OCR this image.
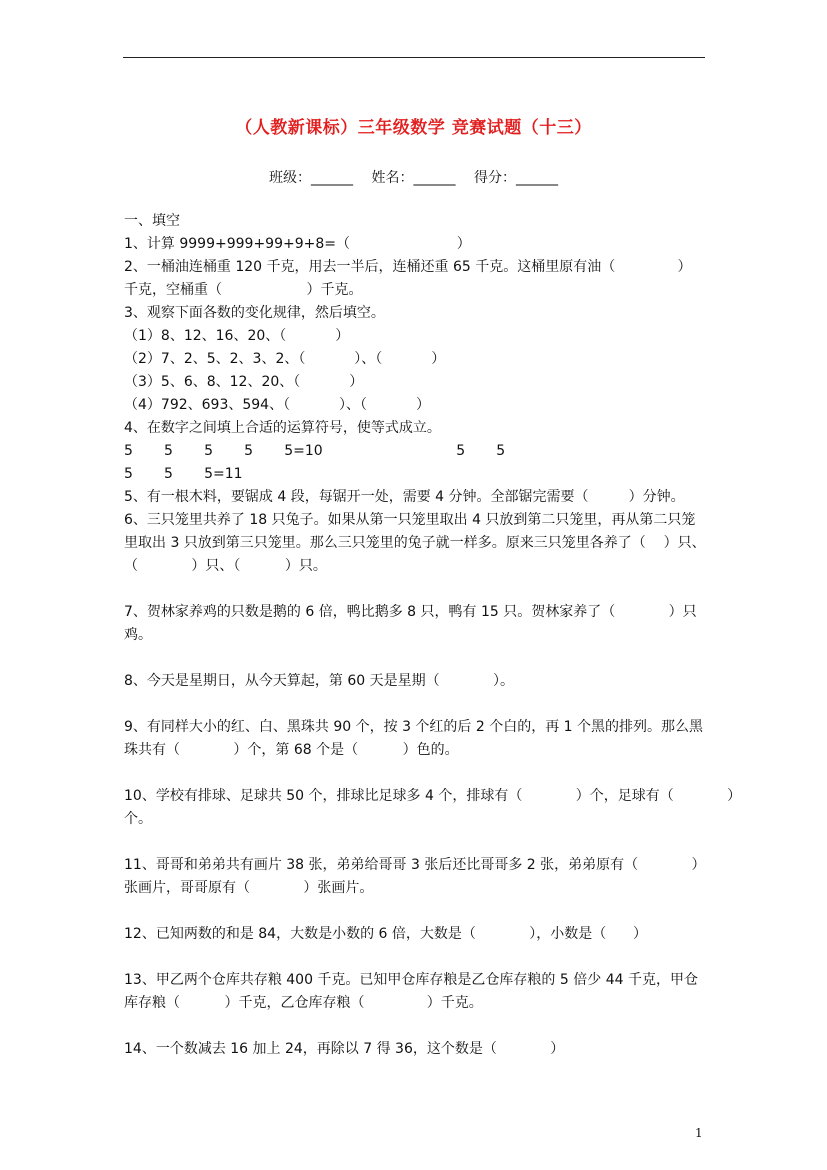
（人教新课标）三年级数学 竞赛试题（十三）
班级：______ 姓名：______ 得分：______
一、填空
1、计算 9999+999+99+9+8=（                        ）
2、一桶油连桶重 120 千克，用去一半后，连桶还重 65 千克。这桶里原有油（              ）
千克，空桶重（                   ）千克。
3、观察下面各数的变化规律，然后填空。
（1）8、12、16、20、（           ）
（2）7、2、5、2、3、2、（           ）、（           ）
（3）5、6、8、12、20、（           ）
（4）792、693、594、（           ）、（           ）
4、在数字之间填上合适的运算符号，使等式成立。
5       5       5       5       5=10                              5       5
5       5       5=11
5、有一根木料，要锯成 4 段，每锯开一处，需要 4 分钟。全部锯完需要（         ）分钟。
6、三只笼里共养了 18 只兔子。如果从第一只笼里取出 4 只放到第二只笼里，再从第二只笼
里取出 3 只放到第三只笼里。那么三只笼里的兔子就一样多。原来三只笼里各养了（    ）只、
（            ）只、（          ）只。
7、贺林家养鸡的只数是鹅的 6 倍，鸭比鹅多 8 只，鸭有 15 只。贺林家养了（            ）只
鸡。
8、今天是星期日，从今天算起，第 60 天是星期（            ）。
9、有同样大小的红、白、黑珠共 90 个，按 3 个红的后 2 个白的，再 1 个黑的排列。那么黑
珠共有（            ）个，第 68 个是（          ）色的。
10、学校有排球、足球共 50 个，排球比足球多 4 个，排球有（            ）个，足球有（            ）
个。
11、哥哥和弟弟共有画片 38 张，弟弟给哥哥 3 张后还比哥哥多 2 张，弟弟原有（            ）
张画片，哥哥原有（            ）张画片。
12、已知两数的和是 84，大数是小数的 6 倍，大数是（            ），小数是（      ）
13、甲乙两个仓库共存粮 400 千克。已知甲仓库存粮是乙仓库存粮的 5 倍少 44 千克，甲仓
库存粮（          ）千克，乙仓库存粮（              ）千克。
14、一个数减去 16 加上 24，再除以 7 得 36，这个数是（            ）
1
